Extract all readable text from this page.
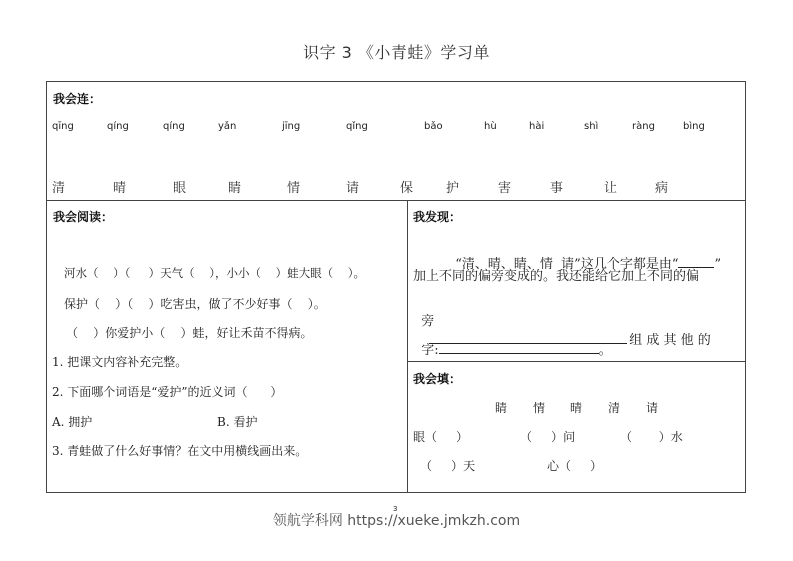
识字 3 《小青蛙》学习单
我会连：
qīng	qíng	qíng	yǎn	jīng	qǐng	bǎo	hù	hài	shì	ràng	bìng
清	晴	眼	睛	情	请	保	护	害	事	让	病
我会阅读：
河水（    ）（     ）天气（    ），小小（    ）蛙大眼（    ）。
保护（    ）（    ）吃害虫，做了不少好事（    ）。
（    ）你爱护小（    ）蛙，好让禾苗不得病。
1. 把课文内容补充完整。
2. 下面哪个词语是“爱护”的近义词（      ）
A. 拥护	B. 看护
3. 青蛙做了什么好事情？在文中用横线画出来。
我发现：

“清、晴、睛、情  请”这几个字都是由“	”

加上不同的偏旁变成的。我还能给它加上不同的偏

旁
组 成 其 他 的

字:	。

我会填：
睛 情 晴 清 请
眼（     ）	（     ）问	（       ）水
（     ）天	心（     ）
3
领航学科网 https://xueke.jmkzh.com
